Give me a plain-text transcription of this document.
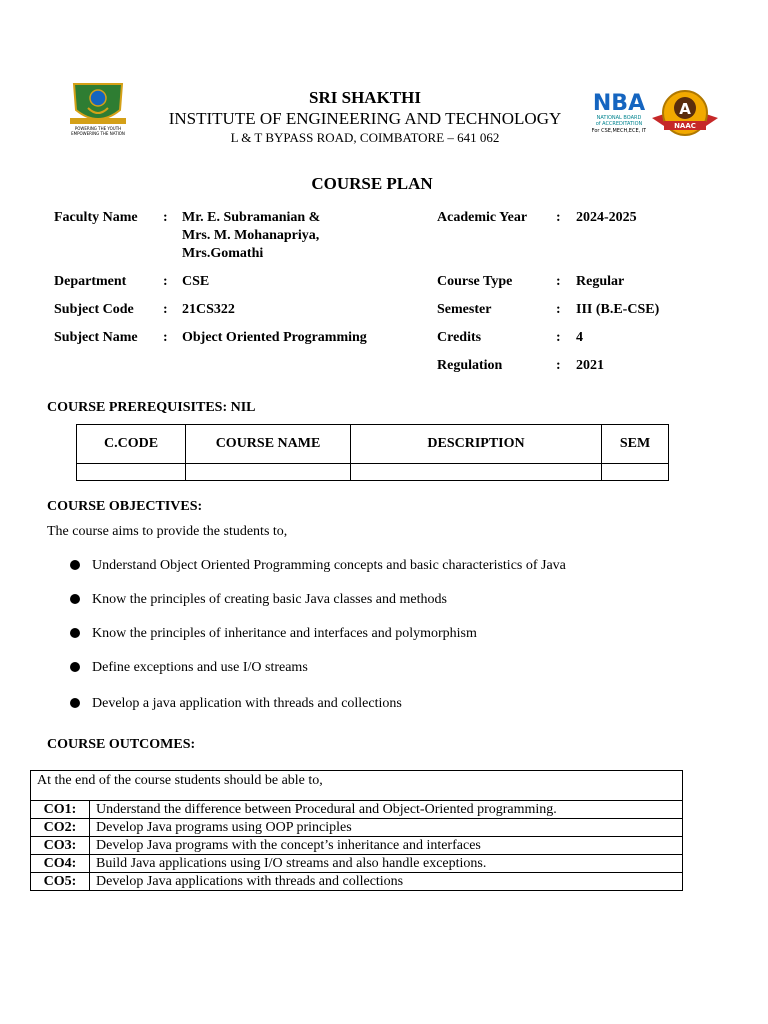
POWERING THE YOUTH
EMPOWERING THE NATION
NBA
NATIONAL BOARD
of ACCREDITATION
For CSE,MECH,ECE, IT
A
NAAC
SRI SHAKTHI
INSTITUTE OF ENGINEERING AND TECHNOLOGY
L & T BYPASS ROAD, COIMBATORE – 641 062
COURSE PLAN
Faculty Name : Mr. E. Subramanian &
Mrs. M. Mohanapriya,
Mrs.Gomathi
Department	: CSE
Subject Code : 21CS322
Subject Name : Object Oriented Programming
Academic Year : 2024-2025
Course Type	: Regular
Semester	: III (B.E-CSE)
Credits	: 4
Regulation	: 2021
COURSE PREREQUISITES: NIL
C.CODE	COURSE NAME	DESCRIPTION	SEM

COURSE OBJECTIVES:
The course aims to provide the students to,
Understand Object Oriented Programming concepts and basic characteristics of Java
Know the principles of creating basic Java classes and methods
Know the principles of inheritance and interfaces and polymorphism
Define exceptions and use I/O streams
Develop a java application with threads and collections
COURSE OUTCOMES:
At the end of the course students should be able to,	
CO1:	Understand the difference between Procedural and Object-Oriented programming.
CO2:	Develop Java programs using OOP principles
CO3:	Develop Java programs with the concept’s inheritance and interfaces
CO4:	Build Java applications using I/O streams and also handle exceptions.
CO5:	Develop Java applications with threads and collections
